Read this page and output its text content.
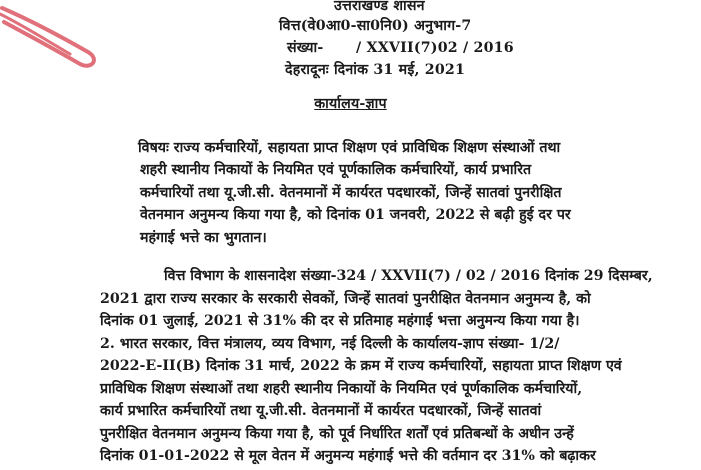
उत्तराखण्ड शासन
वित्त(वे0आ0-सा0नि0) अनुभाग-7
संख्या- / XXVII(7)02 / 2016
देहरादूनः दिनांक 31 मई, 2021
कार्यालय-ज्ञाप
विषयः राज्य कर्मचारियों, सहायता प्राप्त शिक्षण एवं प्राविधिक शिक्षण संस्थाओं तथा
शहरी स्थानीय निकायों के नियमित एवं पूर्णकालिक कर्मचारियों, कार्य प्रभारित
कर्मचारियों तथा यू.जी.सी. वेतनमानों में कार्यरत पदधारकों, जिन्हें सातवां पुनरीक्षित
वेतनमान अनुमन्य किया गया है, को दिनांक 01 जनवरी, 2022 से बढ़ी हुई दर पर
महंगाई भत्ते का भुगतान।
वित्त विभाग के शासनादेश संख्या-324 / XXVII(7) / 02 / 2016 दिनांक 29 दिसम्बर,
2021 द्वारा राज्य सरकार के सरकारी सेवकों, जिन्हें सातवां पुनरीक्षित वेतनमान अनुमन्य है, को
दिनांक 01 जुलाई, 2021 से 31% की दर से प्रतिमाह महंगाई भत्ता अनुमन्य किया गया है।
2. भारत सरकार, वित्त मंत्रालय, व्यय विभाग, नई दिल्ली के कार्यालय-ज्ञाप संख्या- 1/2/
2022-E-II(B) दिनांक 31 मार्च, 2022 के क्रम में राज्य कर्मचारियों, सहायता प्राप्त शिक्षण एवं
प्राविधिक शिक्षण संस्थाओं तथा शहरी स्थानीय निकायों के नियमित एवं पूर्णकालिक कर्मचारियों,
कार्य प्रभारित कर्मचारियों तथा यू.जी.सी. वेतनमानों में कार्यरत पदधारकों, जिन्हें सातवां
पुनरीक्षित वेतनमान अनुमन्य किया गया है, को पूर्व निर्धारित शर्तों एवं प्रतिबन्धों के अधीन उन्हें
दिनांक 01-01-2022 से मूल वेतन में अनुमन्य महंगाई भत्ते की वर्तमान दर 31% को बढ़ाकर
